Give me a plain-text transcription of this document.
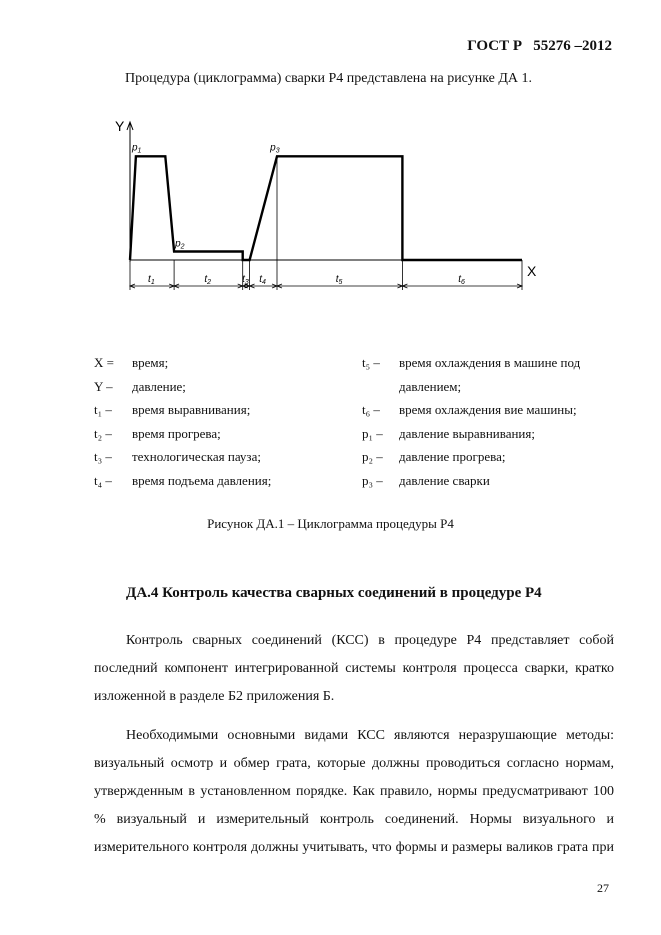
ГОСТ Р 55276 –2012
Процедура (циклограмма) сварки Р4 представлена на рисунке ДА 1.
Y
X
$t_1$	$t_2$	$t_3$ $t_4$	$t_5$	$t_6$
$p_1$
$p_2$
$p_3$
X = время;
Y – давление;
t₁ – время выравнивания;
t₂ – время прогрева;
t₃ – технологическая пауза;
t₄ – время подъема давления;
t₅ – время охлаждения в машине под
давлением;
t₆ – время охлаждения вие машины;
p₁ – давление выравнивания;
p₂ – давление прогрева;
p₃ – давление сварки
Рисунок ДА.1 – Циклограмма процедуры Р4
ДА.4 Контроль качества сварных соединений в процедуре Р4

Контроль сварных соединений (КСС) в процедуре Р4 представляет собой последний компонент интегрированной системы контроля процесса сварки, кратко изложенной в разделе Б2 приложения Б.

Необходимыми основными видами КСС являются неразрушающие методы: визуальный осмотр и обмер грата, которые должны проводиться согласно нормам, утвержденным в установленном порядке. Как правило, нормы предусматривают 100 % визуальный и измерительный контроль соединений. Нормы визуального и измерительного контроля должны учитывать, что формы и размеры валиков грата при

27
